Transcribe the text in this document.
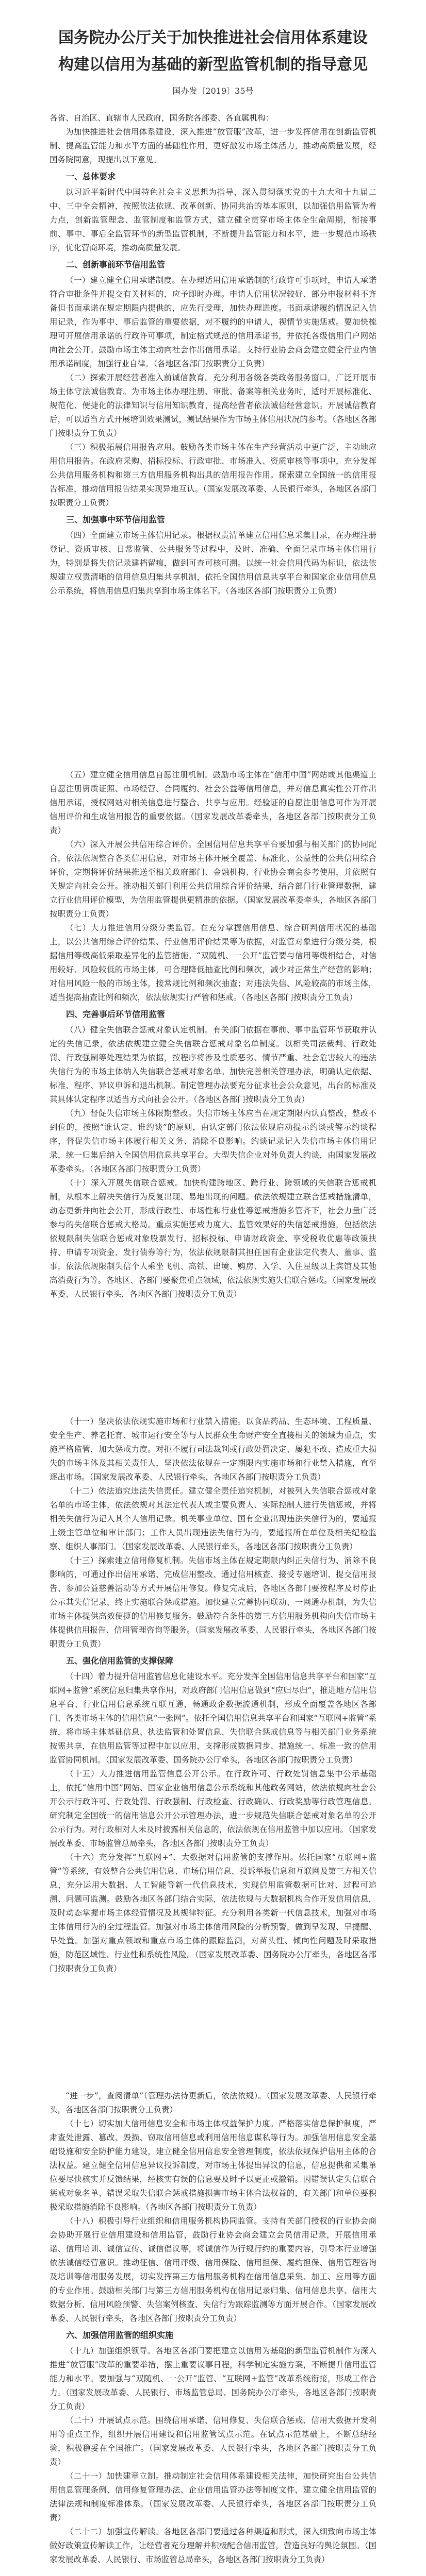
国务院办公厅关于加快推进社会信用体系建设
构建以信用为基础的新型监管机制的指导意见

国办发〔2019〕35号

各省、自治区、直辖市人民政府，国务院各部委、各直属机构：

为加快推进社会信用体系建设，深入推进“放管服”改革，进一步发挥信用在创新监管机制、提高监管能力和水平方面的基础性作用，更好激发市场主体活力，推动高质量发展，经国务院同意，现提出以下意见。

一、总体要求

以习近平新时代中国特色社会主义思想为指导，深入贯彻落实党的十九大和十九届二中、三中全会精神，按照依法依规、改革创新、协同共治的基本原则，以加强信用监管为着力点，创新监管理念、监管制度和监管方式，建立健全贯穿市场主体全生命周期，衔接事前、事中、事后全监管环节的新型监管机制，不断提升监管能力和水平，进一步规范市场秩序，优化营商环境，推动高质量发展。

二、创新事前环节信用监管

（一）建立健全信用承诺制度。在办理适用信用承诺制的行政许可事项时，申请人承诺符合审批条件并提交有关材料的，应予即时办理。申请人信用状况较好、部分申报材料不齐备但书面承诺在规定期限内提供的，应先行受理，加快办理进度。书面承诺履约情况记入信用记录，作为事中、事后监管的重要依据，对不履约的申请人，视情节实施惩戒。要加快梳理可开展信用承诺的行政许可事项，制定格式规范的信用承诺书，并依托各级信用门户网站向社会公开。鼓励市场主体主动向社会作出信用承诺。支持行业协会商会建立健全行业内信用承诺制度，加强行业自律。（各地区各部门按职责分工负责）

（二）探索开展经营者准入前诚信教育。充分利用各级各类政务服务窗口，广泛开展市场主体守法诚信教育。为市场主体办理注册、审批、备案等相关业务时，适时开展标准化、规范化、便捷化的法律知识与信用知识教育，提高经营者依法诚信经营意识。开展诚信教育后，可以适当方式开展培训效果测试，测试结果作为市场主体信用状况的参考。（各地区各部门按职责分工负责）

（三）积极拓展信用报告应用。鼓励各类市场主体在生产经营活动中更广泛、主动地应用信用报告。在政府采购、招标投标、行政审批、市场准入、资质审核等事项中，充分发挥公共信用服务机构和第三方信用服务机构出具的信用报告作用。探索建立全国统一的信用报告标准，推动信用报告结果实现异地互认。（国家发展改革委、人民银行牵头，各地区各部门按职责分工负责）

三、加强事中环节信用监管

（四）全面建立市场主体信用记录。根据权责清单建立信用信息采集目录，在办理注册登记、资质审核、日常监管、公共服务等过程中，及时、准确、全面记录市场主体信用行为，特别是将失信记录建档留痕，做到可查可核可溯。以统一社会信用代码为标识，依法依规建立权责清晰的信用信息归集共享机制，依托全国信用信息共享平台和国家企业信用信息公示系统，将信用信息归集共享到市场主体名下。（各地区各部门按职责分工负责）

（五）建立健全信用信息自愿注册机制。鼓励市场主体在“信用中国”网站或其他渠道上自愿注册资质证照、市场经营、合同履约、社会公益等信用信息，并对信息真实性公开作出信用承诺，授权网站对相关信息进行整合、共享与应用。经验证的自愿注册信息可作为开展信用评价和生成信用报告的重要依据。（国家发展改革委牵头，各地区各部门按职责分工负责）

（六）深入开展公共信用综合评价。全国信用信息共享平台要加强与相关部门的协同配合，依法依规整合各类信用信息，对市场主体开展全覆盖、标准化、公益性的公共信用综合评价，定期将评价结果推送至相关政府部门、金融机构、行业协会商会参考使用，并依照有关规定向社会公开。推动相关部门利用公共信用综合评价结果，结合部门行业管理数据，建立行业信用评价模型，为信用监管提供更精准的依据。（国家发展改革委牵头，各地区各部门按职责分工负责）

（七）大力推进信用分级分类监管。在充分掌握信用信息、综合研判信用状况的基础上，以公共信用综合评价结果、行业信用评价结果等为依据，对监管对象进行分级分类，根据信用等级高低采取差异化的监管措施。“双随机、一公开”监管要与信用等级相结合，对信用较好、风险较低的市场主体，可合理降低抽查比例和频次，减少对正常生产经营的影响；对信用风险一般的市场主体，按常规比例和频次抽查；对违法失信、风险较高的市场主体，适当提高抽查比例和频次，依法依规实行严管和惩戒。（各地区各部门按职责分工负责）

四、完善事后环节信用监管

（八）健全失信联合惩戒对象认定机制。有关部门依据在事前、事中监管环节获取并认定的失信记录，依法依规建立健全失信联合惩戒对象名单制度。以相关司法裁判、行政处罚、行政强制等处理结果为依据，按程序将涉及性质恶劣、情节严重、社会危害较大的违法失信行为的市场主体纳入失信联合惩戒对象名单。加快完善相关管理办法，明确认定依据、标准、程序、异议申诉和退出机制。制定管理办法要充分征求社会公众意见，出台的标准及其具体认定程序以适当方式向社会公开。（各地区各部门按职责分工负责）

（九）督促失信市场主体限期整改。失信市场主体应当在规定期限内认真整改，整改不到位的，按照“谁认定、谁约谈”的原则，由认定部门依法依规启动提示约谈或警示约谈程序，督促失信市场主体履行相关义务、消除不良影响。约谈记录记入失信市场主体信用记录，统一归集后纳入全国信用信息共享平台。大型失信企业对外负责人约谈，由国家发展改革委牵头。（各地区各部门按职责分工负责）

（十）深入开展失信联合惩戒。加快构建跨地区、跨行业、跨领域的失信联合惩戒机制，从根本上解决失信行为反复出现、易地出现的问题。依法依规建立联合惩戒措施清单，动态更新并向社会公开，形成行政性、市场性和行业性等惩戒措施多管齐下，社会力量广泛参与的失信联合惩戒大格局。重点实施惩戒力度大、监管效果好的失信惩戒措施，包括依法依规限制失信联合惩戒对象股票发行、招标投标、申请财政资金、享受税收优惠等政策扶持、申请专项资金、发行债券等行为，依法依规限制其担任国有企业法定代表人、董事、监事，依法依规限制失信个人乘坐飞机、高铁、出境、购房、入学、入住星级以上宾馆及其他高消费行为等。各地区、各部门要聚焦重点领域，依法依规实施失信联合惩戒。（国家发展改革委、人民银行牵头，各地区各部门按职责分工负责）

（十一）坚决依法依规实施市场和行业禁入措施。以食品药品、生态环境、工程质量、安全生产、养老托育、城市运行安全等与人民群众生命财产安全直接相关的领域为重点，实施严格监管，加大惩戒力度。对拒不履行司法裁判或行政处罚决定、屡犯不改、造成重大损失的市场主体及其相关责任人，坚决依法依规在一定期限内实施市场和行业禁入措施，直至逐出市场。（国家发展改革委、人民银行牵头，各地区各部门按职责分工负责）

（十二）依法追究违法失信责任。建立健全责任追究机制，对被列入失信联合惩戒对象名单的市场主体，依法依规对其法定代表人或主要负责人、实际控制人进行失信惩戒，并将相关失信行为记入其个人信用记录。机关事业单位、国有企业出现违法失信行为的，要通报上级主管单位和审计部门；工作人员出现违法失信行为的，要通报所在单位及相关纪检监察、组织人事部门。（国家发展改革委、人民银行牵头，各地区各部门按职责分工负责）

（十三）探索建立信用修复机制。失信市场主体在规定期限内纠正失信行为、消除不良影响的，可通过作出信用承诺、完成信用整改、通过信用核查、接受专题培训、提交信用报告、参加公益慈善活动等方式开展信用修复。修复完成后，各地区各部门要按程序及时停止公示其失信记录，终止实施联合惩戒措施。加快建立完善协同联动、一网通办机制，为失信市场主体提供高效便捷的信用修复服务。鼓励符合条件的第三方信用服务机构向失信市场主体提供信用报告、信用管理咨询等服务。（国家发展改革委、人民银行牵头，各地区各部门按职责分工负责）

五、强化信用监管的支撑保障

（十四）着力提升信用监管信息化建设水平。充分发挥全国信用信息共享平台和国家“互联网+监管”系统信息归集共享作用，对政府部门信用信息做到“应归尽归”，推进地方信用信息平台、行业信用信息系统互联互通，畅通政企数据流通机制，形成全面覆盖各地区各部门、各类市场主体的信用信息“一张网”。依托全国信用信息共享平台和国家“互联网+监管”系统，将市场主体基础信息、执法监管和处置信息、失信联合惩戒信息等与相关部门业务系统按需共享，在信用监管等过程中加以应用，支撑形成数据同步、措施统一、标准一致的信用监管协同机制。（国家发展改革委、国务院办公厅牵头，各地区各部门按职责分工负责）

（十五）大力推进信用监管信息公开公示。在行政许可、行政处罚信息集中公示基础上，依托“信用中国”网站、国家企业信用信息公示系统和其他政务网站，依法依规向社会公开公示行政许可、行政处罚、行政强制、行政检查、行政确认、行政奖励等行政管理信息。研究制定全国统一的信用信息公开公示管理办法，进一步规范失信联合惩戒对象名单的公开公示行为。对行政相对人未及时披露相关信息的，依法依规在信用监管中加以应用。（国家发展改革委、市场监管总局牵头，各地区各部门按职责分工负责）

（十六）充分发挥“互联网+”、大数据对信用监管的支撑作用。依托国家“互联网+监管”等系统，有效整合公共信用信息、市场信用信息、投诉举报信息和互联网及第三方相关信息，充分运用大数据、人工智能等新一代信息技术，实现信用监管数据可比对、过程可追溯、问题可监测。鼓励各地区各部门结合实际，依法依规与大数据机构合作开发信用信息，及时动态掌握市场主体经营情况及其规律特征。充分利用各类新一代信息技术，加强对市场主体信用行为的全过程监管。加强对市场主体信用风险的分析预警，做到早发现、早提醒、早处置。加强对重点领域和重点市场主体的跟踪监测，对苗头性、倾向性问题及时采取措施，防范区域性、行业性和系统性风险。（国家发展改革委、国务院办公厅牵头，各地区各部门按职责分工负责）

“进一步”，查阅清单”（管理办法待更新后，依法依规）。（国家发展改革委、人民银行牵头，各地区各部门按职责分工负责）

（十七）切实加大信用信息安全和市场主体权益保护力度。严格落实信息保护制度，严肃查处泄露、篡改、毁损、窃取信用信息或利用信用信息谋私等行为。加强信用信息安全基础设施和安全防护能力建设，建立健全信用信息安全管理制度，依法依规保护信用主体的合法权益。建立健全信用信息异议投诉制度，对市场主体提出异议的信息，信息提供和采集单位要尽快核实并反馈结果，经核实有误的信息要及时予以更正或撤销。因错误认定失信联合惩戒对象名单、错误采取失信联合惩戒措施损害市场主体合法权益的，有关部门和单位要积极采取措施消除不良影响。（各地区各部门按职责分工负责）

（十八）积极引导行业组织和信用服务机构协同监管。支持有关部门授权的行业协会商会协助开展行业信用建设和信用监管，鼓励行业协会商会建立会员信用记录，开展信用承诺、信用培训、诚信宣传、诚信倡议等，将诚信作为行规行约的重要内容，引导本行业增强依法诚信经营意识。推动征信、信用评级、信用保险、信用担保、履约担保、信用管理咨询及培训等信用服务发展，切实发挥第三方信用服务机构在信用信息采集、加工、应用等方面的专业作用。鼓励相关部门与第三方信用服务机构在信用记录归集、信用信息共享、信用大数据分析、信用风险预警、失信案例核查、失信行为跟踪监测等方面开展合作。（国家发展改革委、人民银行牵头，各地区各部门按职责分工负责）

六、加强信用监管的组织实施

（十九）加强组织领导。各地区各部门要把建立以信用为基础的新型监管机制作为深入推进“放管服”改革的重要举措，摆上重要议事日程，科学制定实施方案，不断提升信用监管能力和水平。要加强与“双随机、一公开”监管、“互联网+监管”改革系统衔接，形成工作合力。（国家发展改革委、人民银行、市场监管总局、国务院办公厅牵头，各地区各部门按职责分工负责）

（二十）开展试点示范。围绕信用承诺、信用修复、失信联合惩戒、信用大数据开发利用等重点工作，组织开展信用建设和信用监管试点示范。在试点示范基础上，不断总结经验，积极稳妥在全国推广。（国家发展改革委、人民银行牵头，各地区各部门按职责分工负责）

（二十一）加快建章立制。推动制定社会信用体系建设相关法律，加快研究出台公共信用信息管理条例、信用修复管理办法、企业信用监管办法等制度文件，建立健全信用监管的法律法规和制度标准体系。（国家发展改革委、人民银行牵头，各地区各部门按职责分工负责）

（二十二）加强宣传解读。各地区各部门要通过各种渠道和形式，深入细致向市场主体做好政策宣传解读工作，让经营者充分理解并积极配合信用监管，营造良好的舆论氛围。（国家发展改革委、人民银行、市场监管总局牵头，各地区各部门按职责分工负责）
